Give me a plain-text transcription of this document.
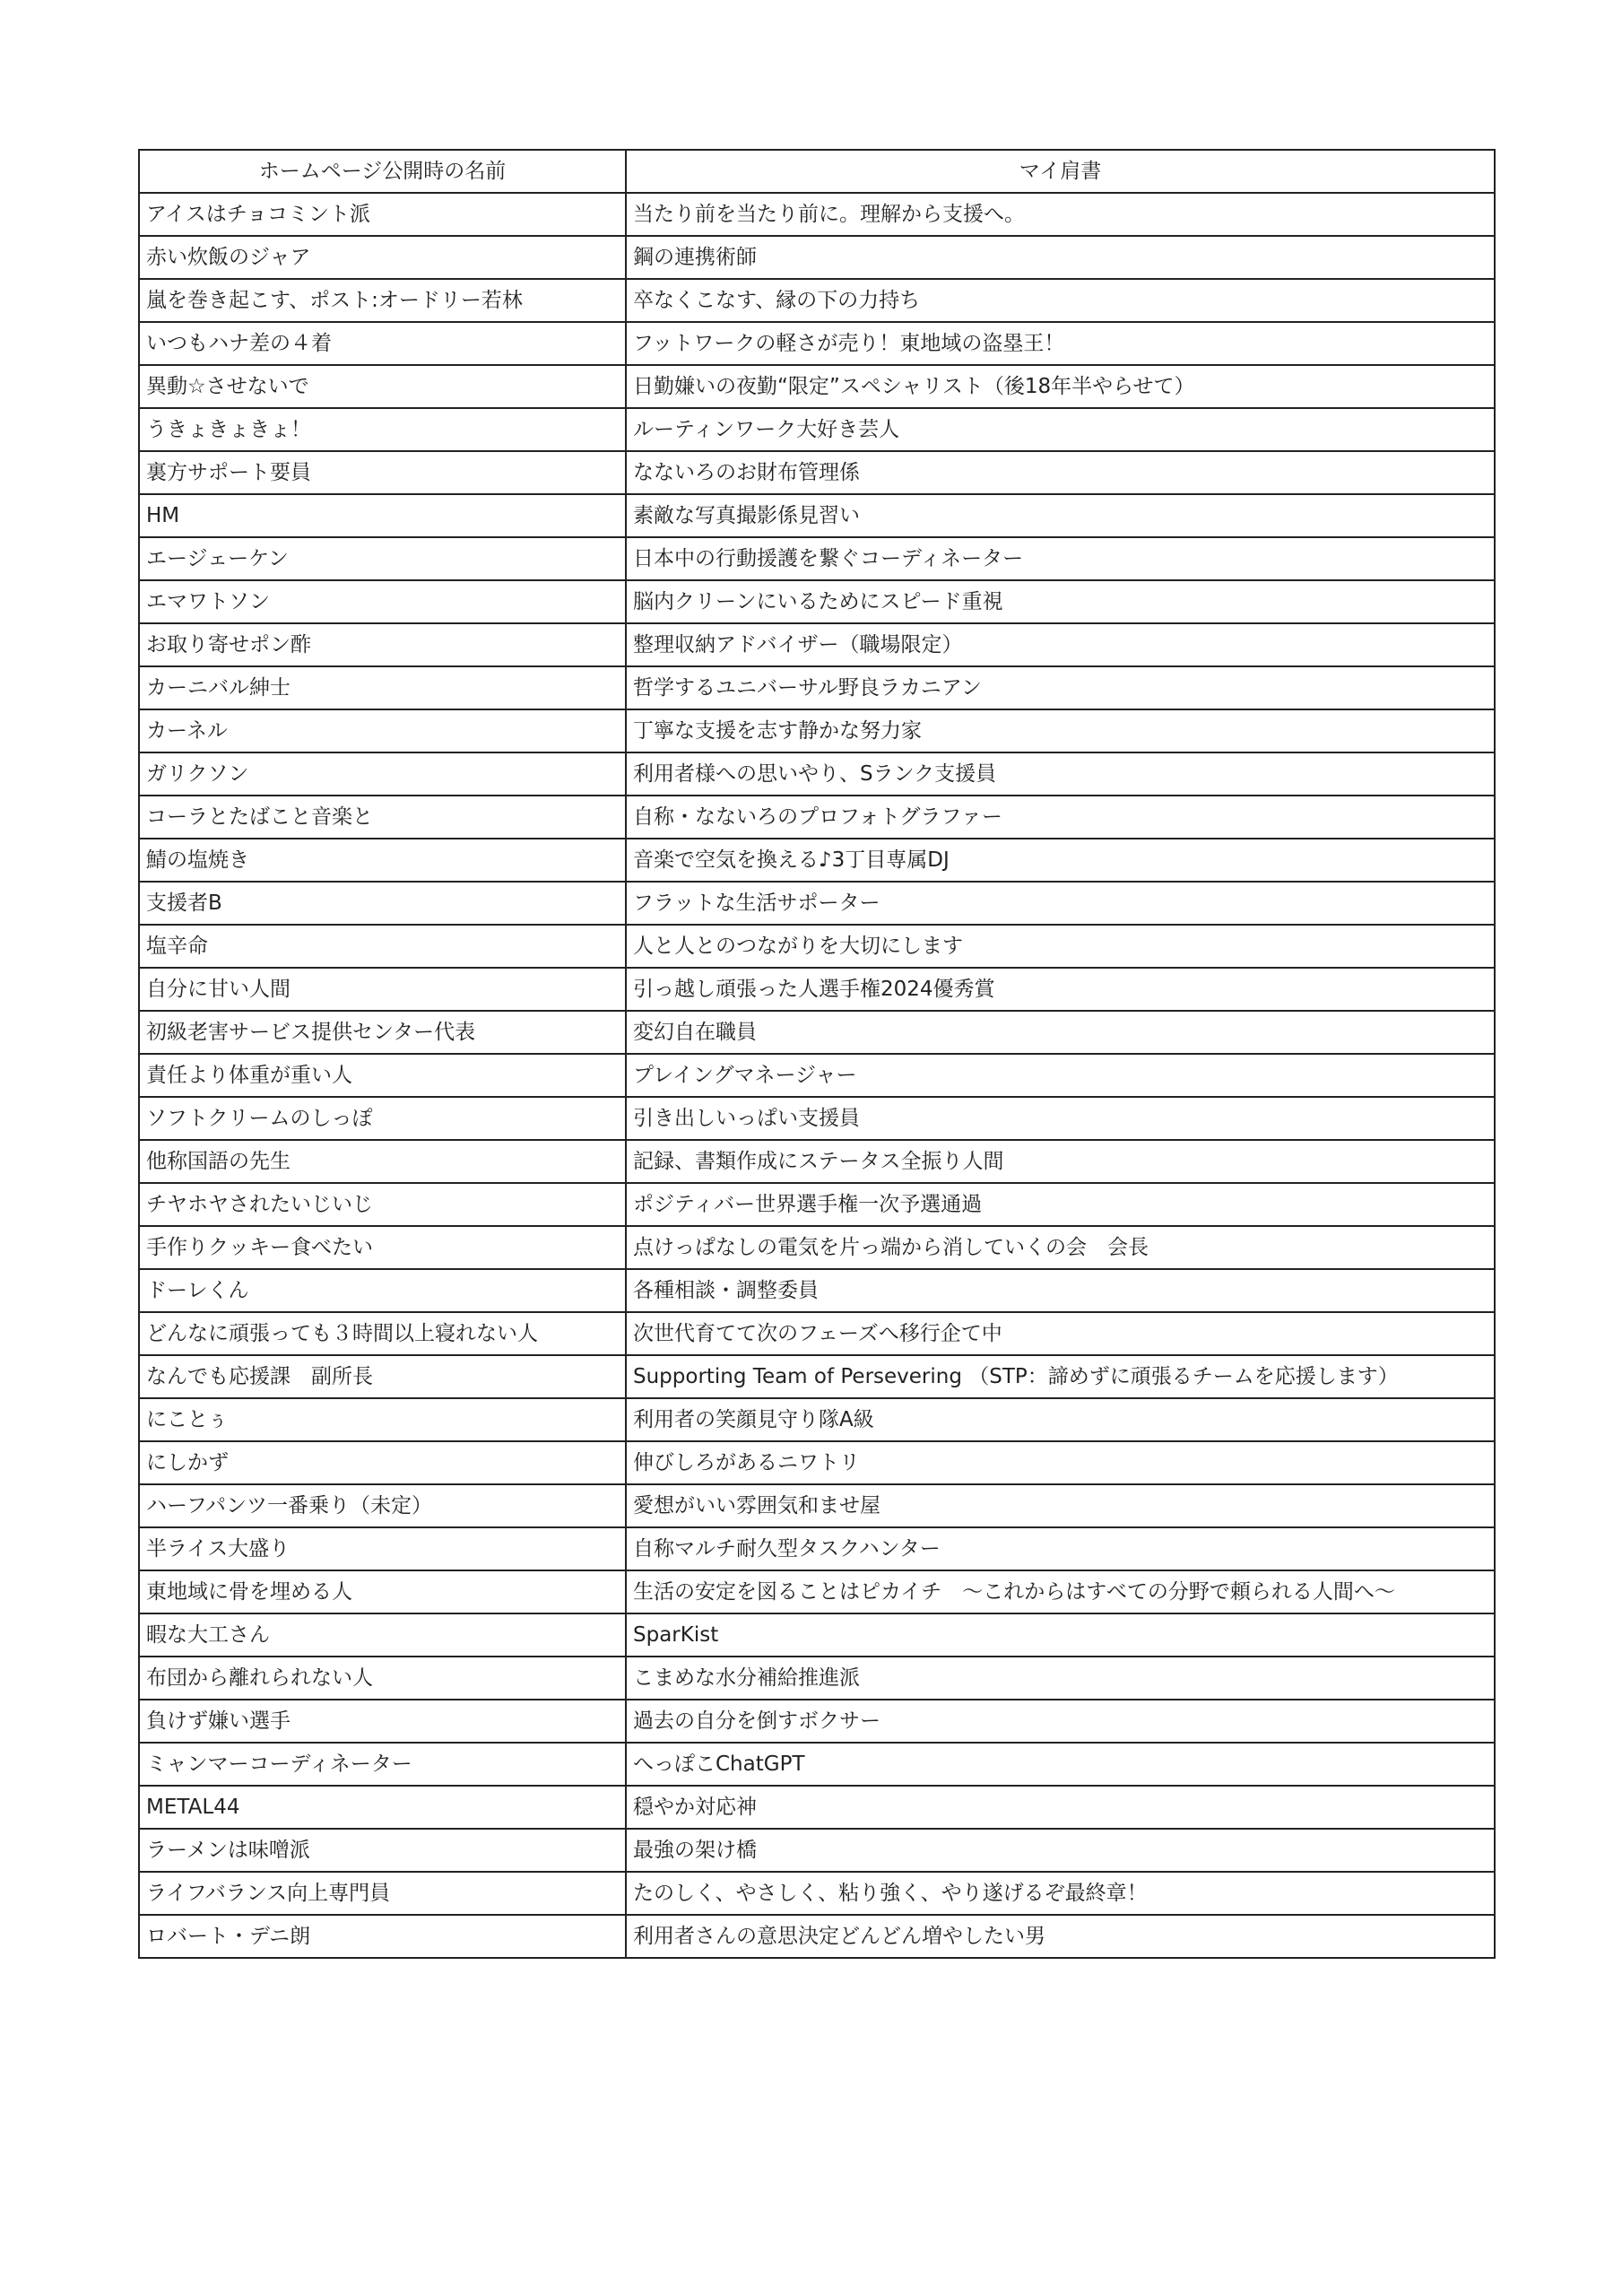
ホームページ公開時の名前	マイ肩書
アイスはチョコミント派	当たり前を当たり前に。理解から支援へ。
赤い炊飯のジャア	鋼の連携術師
嵐を巻き起こす、ポスト:オードリー若林	卒なくこなす、縁の下の力持ち
いつもハナ差の４着	フットワークの軽さが売り！東地域の盗塁王！
異動☆させないで	日勤嫌いの夜勤“限定”スペシャリスト（後18年半やらせて）
うきょきょきょ！	ルーティンワーク大好き芸人
裏方サポート要員	なないろのお財布管理係
HM	素敵な写真撮影係見習い
エージェーケン	日本中の行動援護を繋ぐコーディネーター
エマワトソン	脳内クリーンにいるためにスピード重視
お取り寄せポン酢	整理収納アドバイザー（職場限定）
カーニバル紳士	哲学するユニバーサル野良ラカニアン
カーネル	丁寧な支援を志す静かな努力家
ガリクソン	利用者様への思いやり、Sランク支援員
コーラとたばこと音楽と	自称・なないろのプロフォトグラファー
鯖の塩焼き	音楽で空気を換える♪3丁目専属DJ
支援者B	フラットな生活サポーター
塩辛命	人と人とのつながりを大切にします
自分に甘い人間	引っ越し頑張った人選手権2024優秀賞
初級老害サービス提供センター代表	変幻自在職員
責任より体重が重い人	プレイングマネージャー
ソフトクリームのしっぽ	引き出しいっぱい支援員
他称国語の先生	記録、書類作成にステータス全振り人間
チヤホヤされたいじいじ	ポジティバー世界選手権一次予選通過
手作りクッキー食べたい	点けっぱなしの電気を片っ端から消していくの会　会長
ドーレくん	各種相談・調整委員
どんなに頑張っても３時間以上寝れない人	次世代育てて次のフェーズへ移行企て中
なんでも応援課　副所長	Supporting Team of Persevering （STP：諦めずに頑張るチームを応援します）
にことぅ	利用者の笑顔見守り隊A級
にしかず	伸びしろがあるニワトリ
ハーフパンツ一番乗り（未定）	愛想がいい雰囲気和ませ屋
半ライス大盛り	自称マルチ耐久型タスクハンター
東地域に骨を埋める人	生活の安定を図ることはピカイチ　～これからはすべての分野で頼られる人間へ～
暇な大工さん	SparKist
布団から離れられない人	こまめな水分補給推進派
負けず嫌い選手	過去の自分を倒すボクサー
ミャンマーコーディネーター	へっぽこChatGPT
METAL44	穏やか対応神
ラーメンは味噌派	最強の架け橋
ライフバランス向上専門員	たのしく、やさしく、粘り強く、やり遂げるぞ最終章！
ロバート・デニ朗	利用者さんの意思決定どんどん増やしたい男
